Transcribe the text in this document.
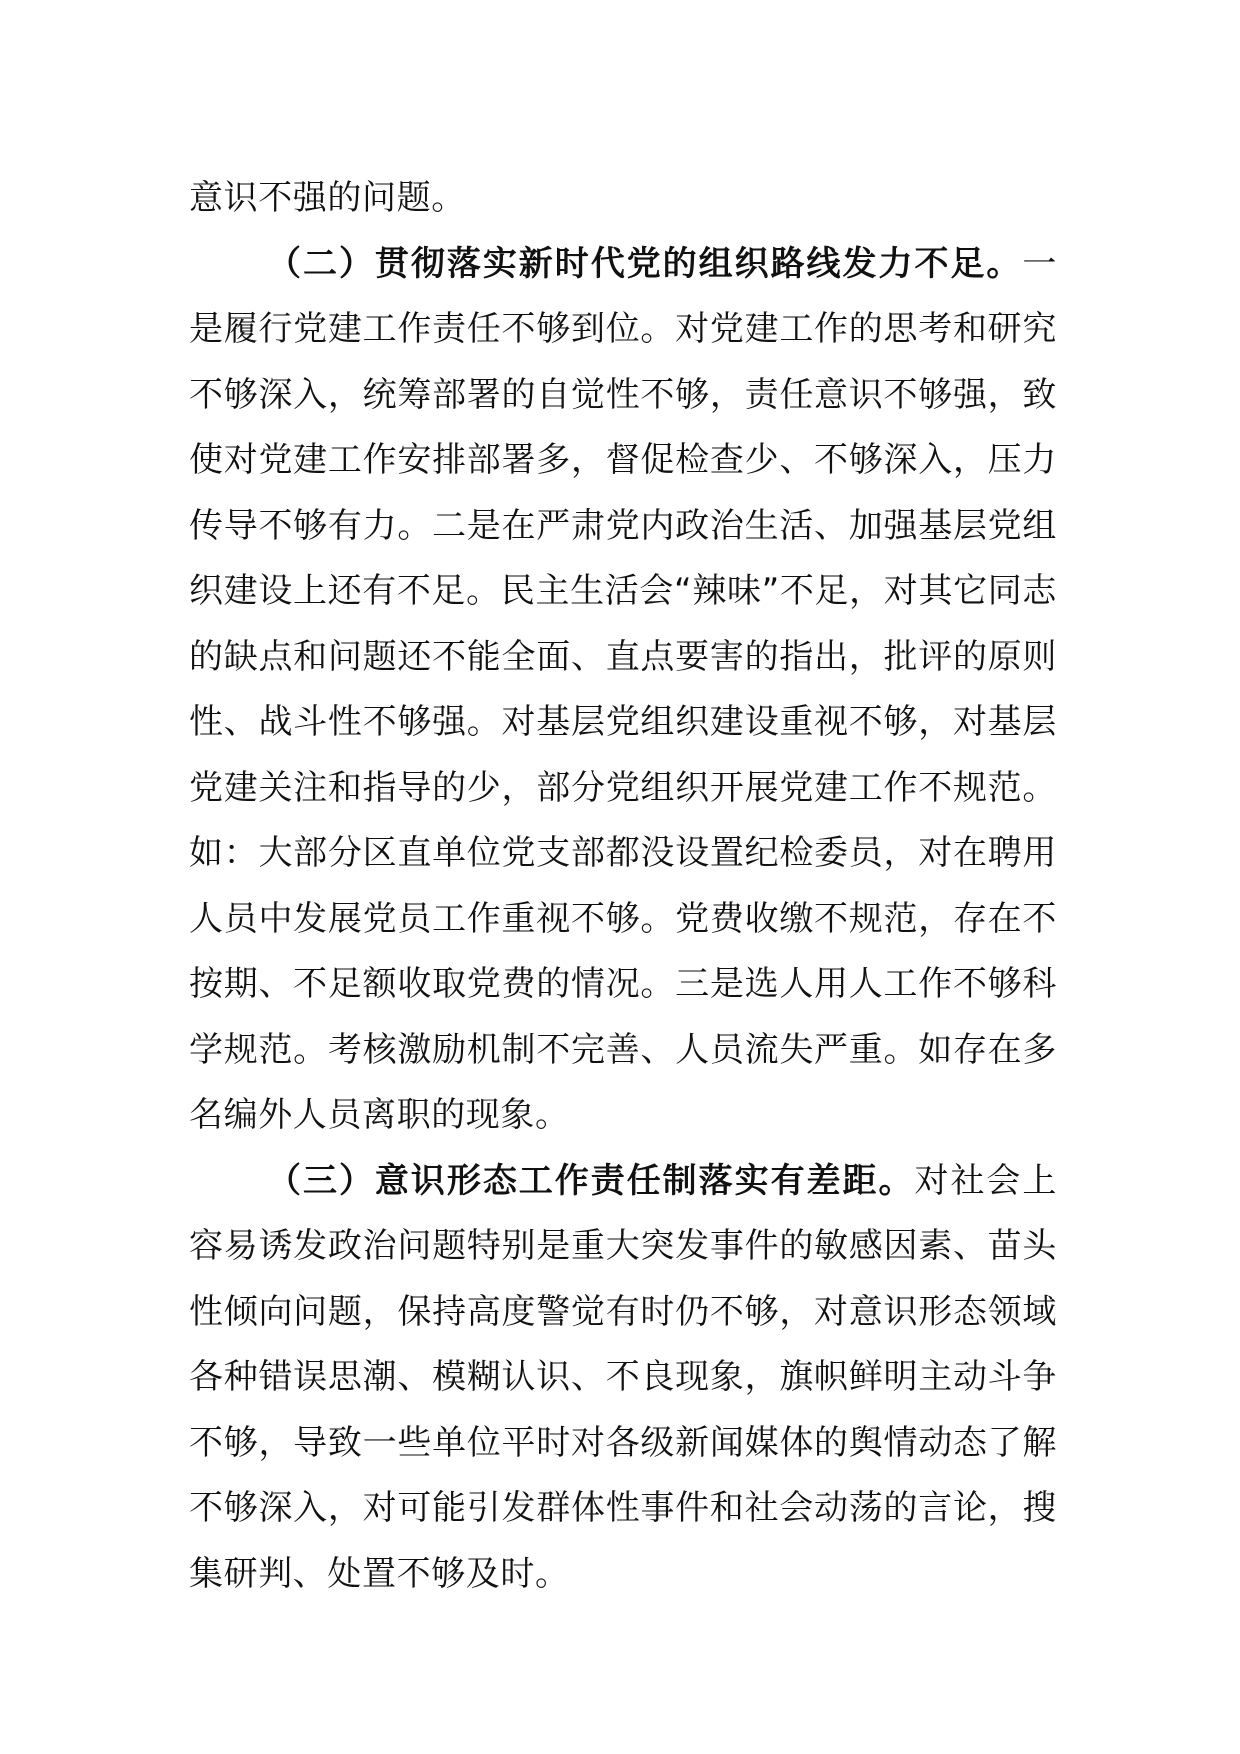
意识不强的问题。

（二）贯彻落实新时代党的组织路线发力不足。一是履行党建工作责任不够到位。对党建工作的思考和研究不够深入，统筹部署的自觉性不够，责任意识不够强，致使对党建工作安排部署多，督促检查少、不够深入，压力传导不够有力。二是在严肃党内政治生活、加强基层党组织建设上还有不足。民主生活会“辣味”不足，对其它同志的缺点和问题还不能全面、直点要害的指出，批评的原则性、战斗性不够强。对基层党组织建设重视不够，对基层党建关注和指导的少，部分党组织开展党建工作不规范。如：大部分区直单位党支部都没设置纪检委员，对在聘用人员中发展党员工作重视不够。党费收缴不规范，存在不按期、不足额收取党费的情况。三是选人用人工作不够科学规范。考核激励机制不完善、人员流失严重。如存在多名编外人员离职的现象。

（三）意识形态工作责任制落实有差距。对社会上容易诱发政治问题特别是重大突发事件的敏感因素、苗头性倾向问题，保持高度警觉有时仍不够，对意识形态领域各种错误思潮、模糊认识、不良现象，旗帜鲜明主动斗争不够，导致一些单位平时对各级新闻媒体的舆情动态了解不够深入，对可能引发群体性事件和社会动荡的言论，搜集研判、处置不够及时。
